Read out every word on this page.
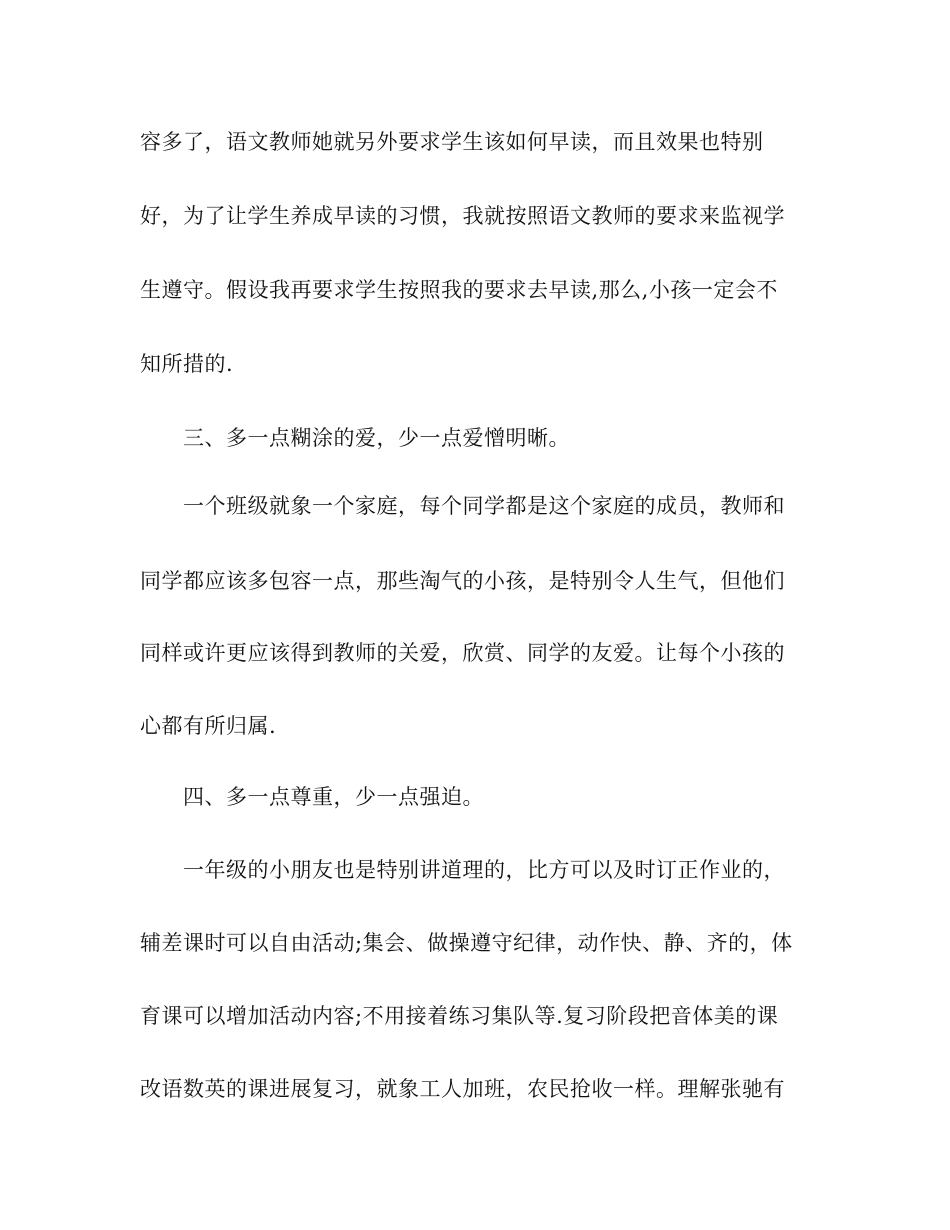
容多了，语文教师她就另外要求学生该如何早读，而且效果也特别
好，为了让学生养成早读的习惯，我就按照语文教师的要求来监视学
生遵守。假设我再要求学生按照我的要求去早读,那么,小孩一定会不
知所措的.
三、多一点糊涂的爱，少一点爱憎明晰。
一个班级就象一个家庭，每个同学都是这个家庭的成员，教师和
同学都应该多包容一点，那些淘气的小孩，是特别令人生气，但他们
同样或许更应该得到教师的关爱，欣赏、同学的友爱。让每个小孩的
心都有所归属.
四、多一点尊重，少一点强迫。
一年级的小朋友也是特别讲道理的，比方可以及时订正作业的，
辅差课时可以自由活动;集会、做操遵守纪律，动作快、静、齐的，体
育课可以增加活动内容;不用接着练习集队等.复习阶段把音体美的课
改语数英的课进展复习，就象工人加班，农民抢收一样。理解张驰有
